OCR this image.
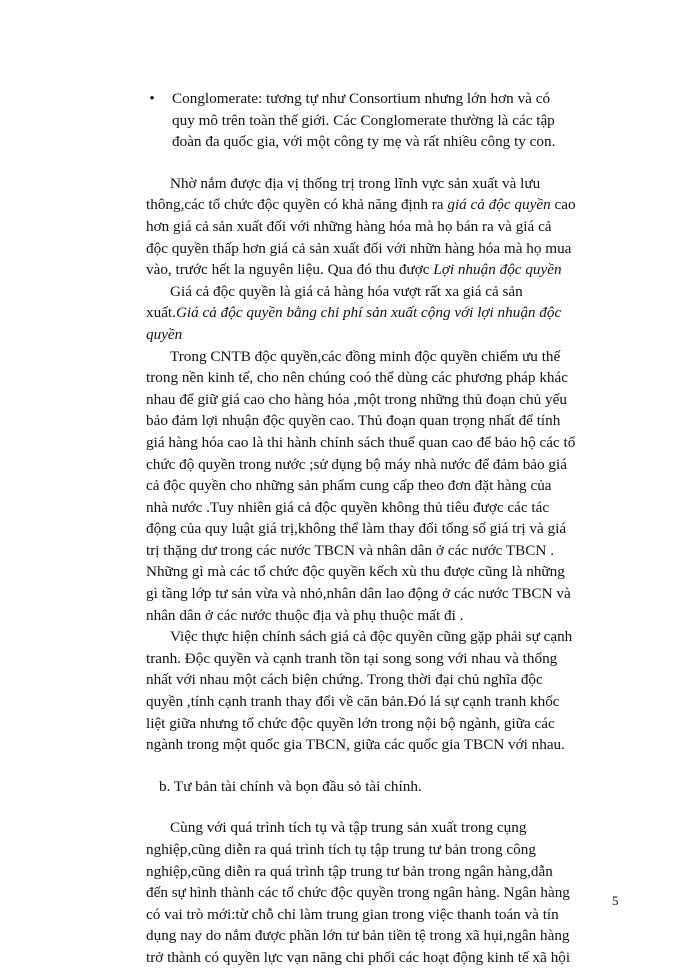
• Conglomerate: tương tự như Consortium nhưng lớn hơn và có quy mô trên toàn thế giới. Các Conglomerate thường là các tập đoàn đa quốc gia, với một công ty mẹ và rất nhiều công ty con.

Nhờ nắm được địa vị thống trị trong lĩnh vực sản xuất và lưu thông,các tổ chức độc quyền có khả năng định ra giá cả độc quyền cao hơn giá cả sản xuất đối với những hàng hóa mà họ bán ra và giá cả độc quyền thấp hơn giá cả sản xuất đối với nhữn hàng hóa mà họ mua vào, trước hết la nguyên liệu. Qua đó thu được Lợi nhuận độc quyền

Giá cả độc quyền là giá cả hàng hóa vượt rất xa giá cả sản xuất.Giá cả độc quyền bằng chi phí sản xuất cộng với lợi nhuận độc quyền

Trong CNTB độc quyền,các đồng minh độc quyền chiếm ưu thế trong nền kinh tế, cho nên chúng coó thể dùng các phương pháp khác nhau để giữ giá cao cho hàng hóa ,một trong những thủ đoạn chủ yếu bảo đảm lợi nhuận độc quyền cao. Thủ đoạn quan trọng nhất để tính giá hàng hóa cao là thi hành chính sách thuế quan cao để bảo hộ các tổ chức độ quyền trong nước ;sử dụng bộ máy nhà nước để đảm bảo giá cả độc quyền cho những sản phẩm cung cấp theo đơn đặt hàng của nhà nước .Tuy nhiên giá cả độc quyền không thủ tiêu được các tác động của quy luật giá trị,không thể làm thay đổi tổng số giá trị và giá trị thặng dư trong các nước TBCN và nhân dân ở các nước TBCN . Những gì mà các tổ chức độc quyền kếch xù thu được cũng là những gì tầng lớp tư sản vừa và nhỏ,nhân dân lao động ở các nước TBCN và nhân dân ở các nước thuộc địa và phụ thuộc mất đi .

Việc thực hiện chính sách giá cả độc quyền cũng gặp phải sự cạnh tranh. Độc quyền và cạnh tranh tồn tại song song với nhau và thống nhất với nhau một cách biện chứng. Trong thời đại chủ nghĩa độc quyền ,tính cạnh tranh thay đổi về căn bản.Đó lá sự cạnh tranh khốc liệt giữa nhưng tổ chức độc quyền lớn trong nội bộ ngành, giữa các ngành trong một quốc gia TBCN, giữa các quốc gia TBCN với nhau.

b. Tư bản tài chính và bọn đầu sỏ tài chính.

Cùng với quá trình tích tụ và tập trung sản xuất trong cụng nghiệp,cũng diễn ra quá trình tích tụ tập trung tư bản trong công nghiệp,cũng diễn ra quá trình tập trung tư bản trong ngân hàng,dẫn đến sự hình thành các tổ chức độc quyền trong ngân hàng. Ngân hàng có vai trò mới:từ chỗ chỉ làm trung gian trong việc thanh toán và tín dụng nay do nắm được phần lớn tư bản tiền tệ trong xã hụi,ngân hàng trở thành có quyền lực vạn năng chi phối các hoạt động kinh tế xã hội

5
